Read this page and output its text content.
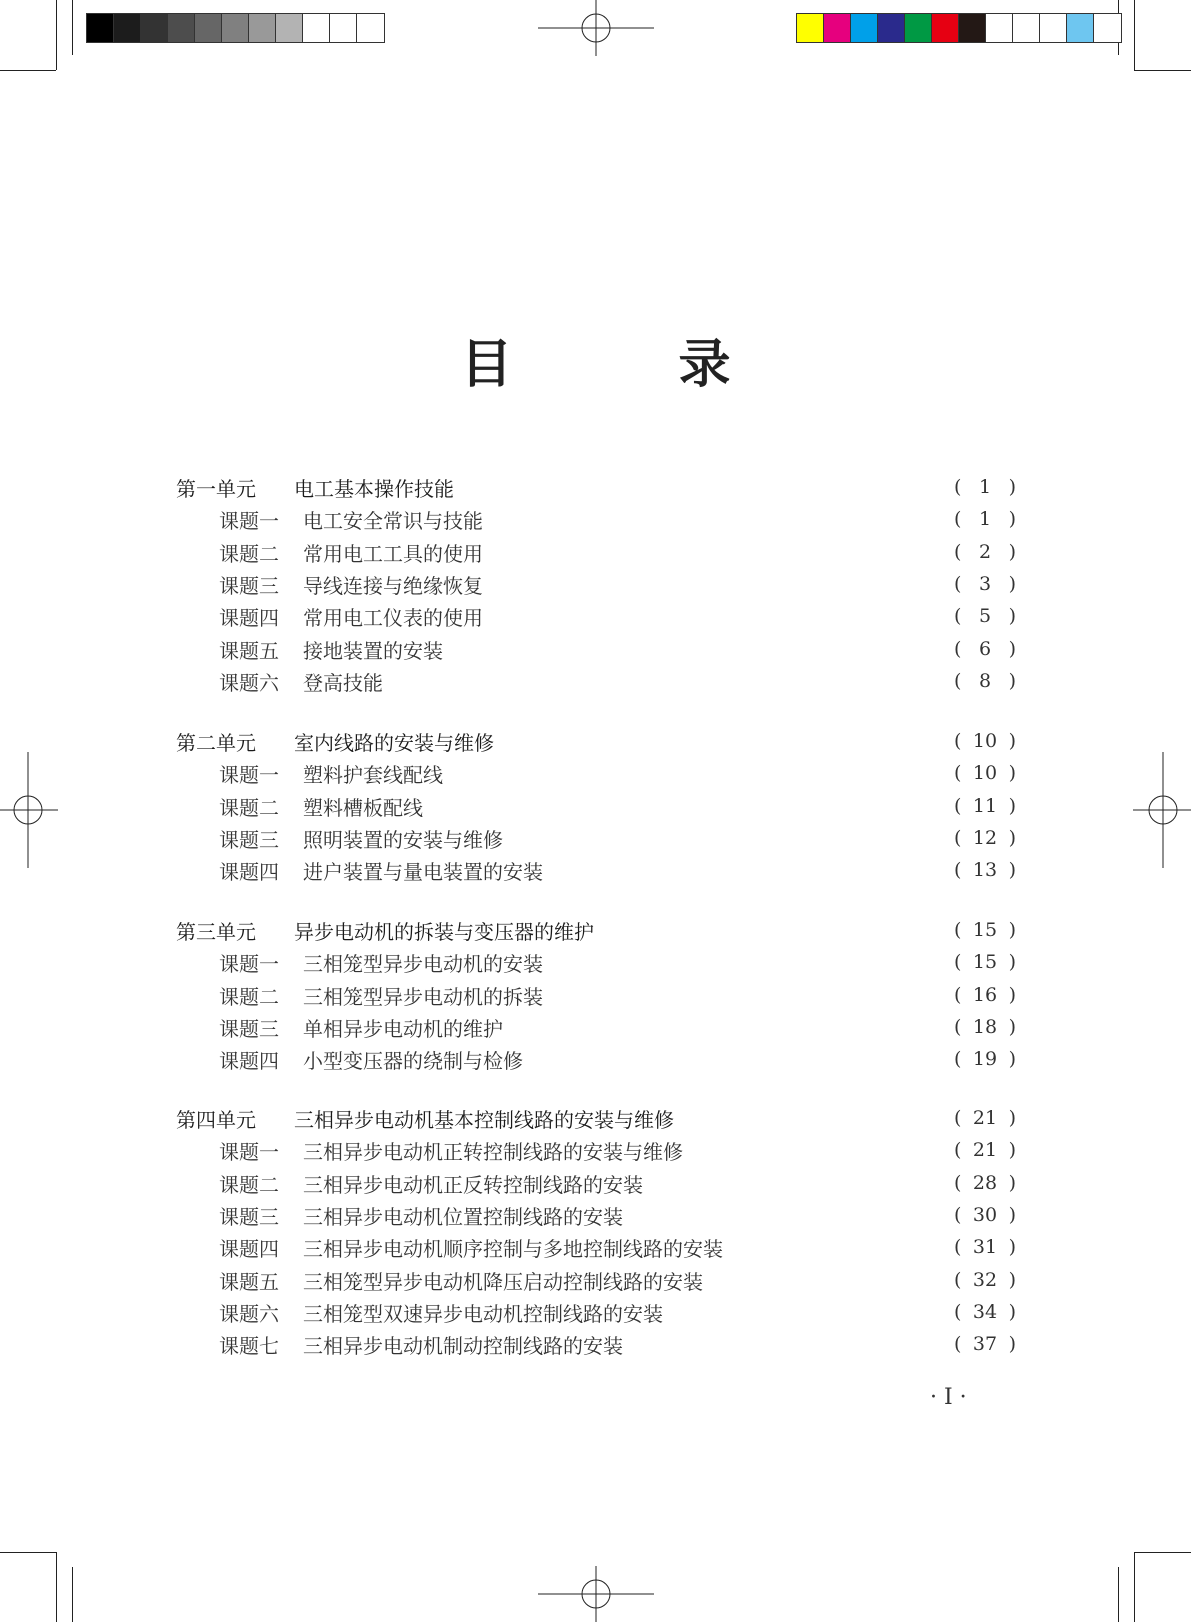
目 录
第一单元 电工基本操作技能	( 1 )
课题一 电工安全常识与技能	( 1 )
课题二 常用电工工具的使用	( 2 )
课题三 导线连接与绝缘恢复	( 3 )
课题四 常用电工仪表的使用	( 5 )
课题五 接地装置的安装	( 6 )
课题六 登高技能	( 8 )
第二单元 室内线路的安装与维修	( 10 )
课题一 塑料护套线配线	( 10 )
课题二 塑料槽板配线	( 11 )
课题三 照明装置的安装与维修	( 12 )
课题四 进户装置与量电装置的安装	( 13 )
第三单元 异步电动机的拆装与变压器的维护	( 15 )
课题一 三相笼型异步电动机的安装	( 15 )
课题二 三相笼型异步电动机的拆装	( 16 )
课题三 单相异步电动机的维护	( 18 )
课题四 小型变压器的绕制与检修	( 19 )
第四单元 三相异步电动机基本控制线路的安装与维修	( 21 )
课题一 三相异步电动机正转控制线路的安装与维修	( 21 )
课题二 三相异步电动机正反转控制线路的安装	( 28 )
课题三 三相异步电动机位置控制线路的安装	( 30 )
课题四 三相异步电动机顺序控制与多地控制线路的安装	( 31 )
课题五 三相笼型异步电动机降压启动控制线路的安装	( 32 )
课题六 三相笼型双速异步电动机控制线路的安装	( 34 )
课题七 三相异步电动机制动控制线路的安装	( 37 )
· I ·
